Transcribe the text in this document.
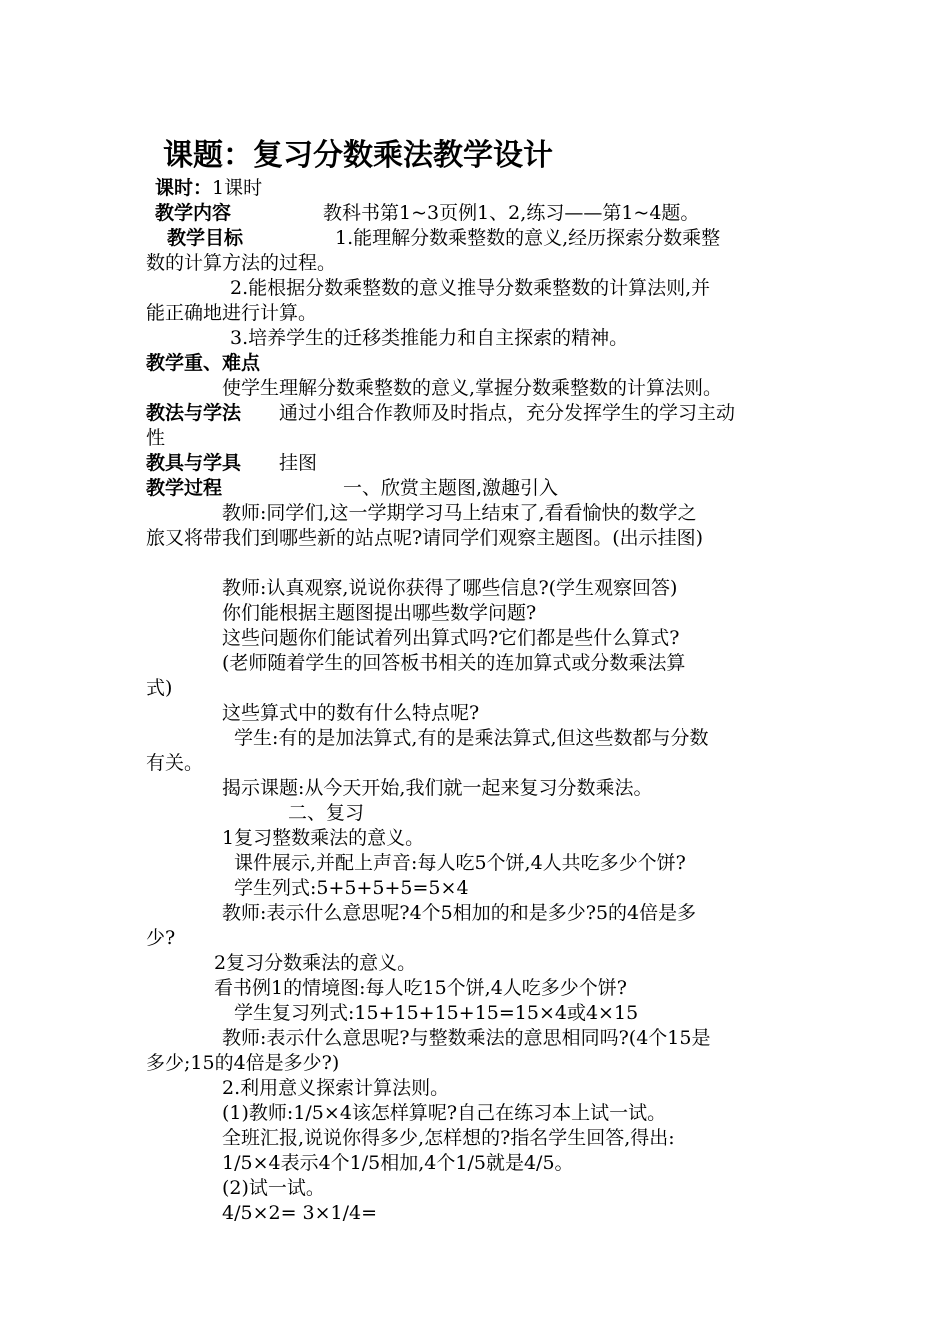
课题：复习分数乘法教学设计
课时：1课时
教学内容	教科书第1~3页例1、2,练习——第1~4题。
教学目标	1.能理解分数乘整数的意义,经历探索分数乘整
数的计算方法的过程。
2.能根据分数乘整数的意义推导分数乘整数的计算法则,并
能正确地进行计算。
3.培养学生的迁移类推能力和自主探索的精神。
教学重、难点
使学生理解分数乘整数的意义,掌握分数乘整数的计算法则。
教法与学法 通过小组合作教师及时指点，充分发挥学生的学习主动
性
教具与学具 挂图
教学过程	一、欣赏主题图,激趣引入
教师:同学们,这一学期学习马上结束了,看看愉快的数学之
旅又将带我们到哪些新的站点呢?请同学们观察主题图。(出示挂图)
教师:认真观察,说说你获得了哪些信息?(学生观察回答)
你们能根据主题图提出哪些数学问题?
这些问题你们能试着列出算式吗?它们都是些什么算式?
(老师随着学生的回答板书相关的连加算式或分数乘法算
式)
这些算式中的数有什么特点呢?
学生:有的是加法算式,有的是乘法算式,但这些数都与分数
有关。
揭示课题:从今天开始,我们就一起来复习分数乘法。
二、复习
1复习整数乘法的意义。
课件展示,并配上声音:每人吃5个饼,4人共吃多少个饼?
学生列式:5+5+5+5=5×4
教师:表示什么意思呢?4个5相加的和是多少?5的4倍是多
少?
2复习分数乘法的意义。
看书例1的情境图:每人吃15个饼,4人吃多少个饼?
学生复习列式:15+15+15+15=15×4或4×15
教师:表示什么意思呢?与整数乘法的意思相同吗?(4个15是
多少;15的4倍是多少?)
2.利用意义探索计算法则。
(1)教师:1/5×4该怎样算呢?自己在练习本上试一试。
全班汇报,说说你得多少,怎样想的?指名学生回答,得出:
1/5×4表示4个1/5相加,4个1/5就是4/5。
(2)试一试。
4/5×2= 3×1/4=
